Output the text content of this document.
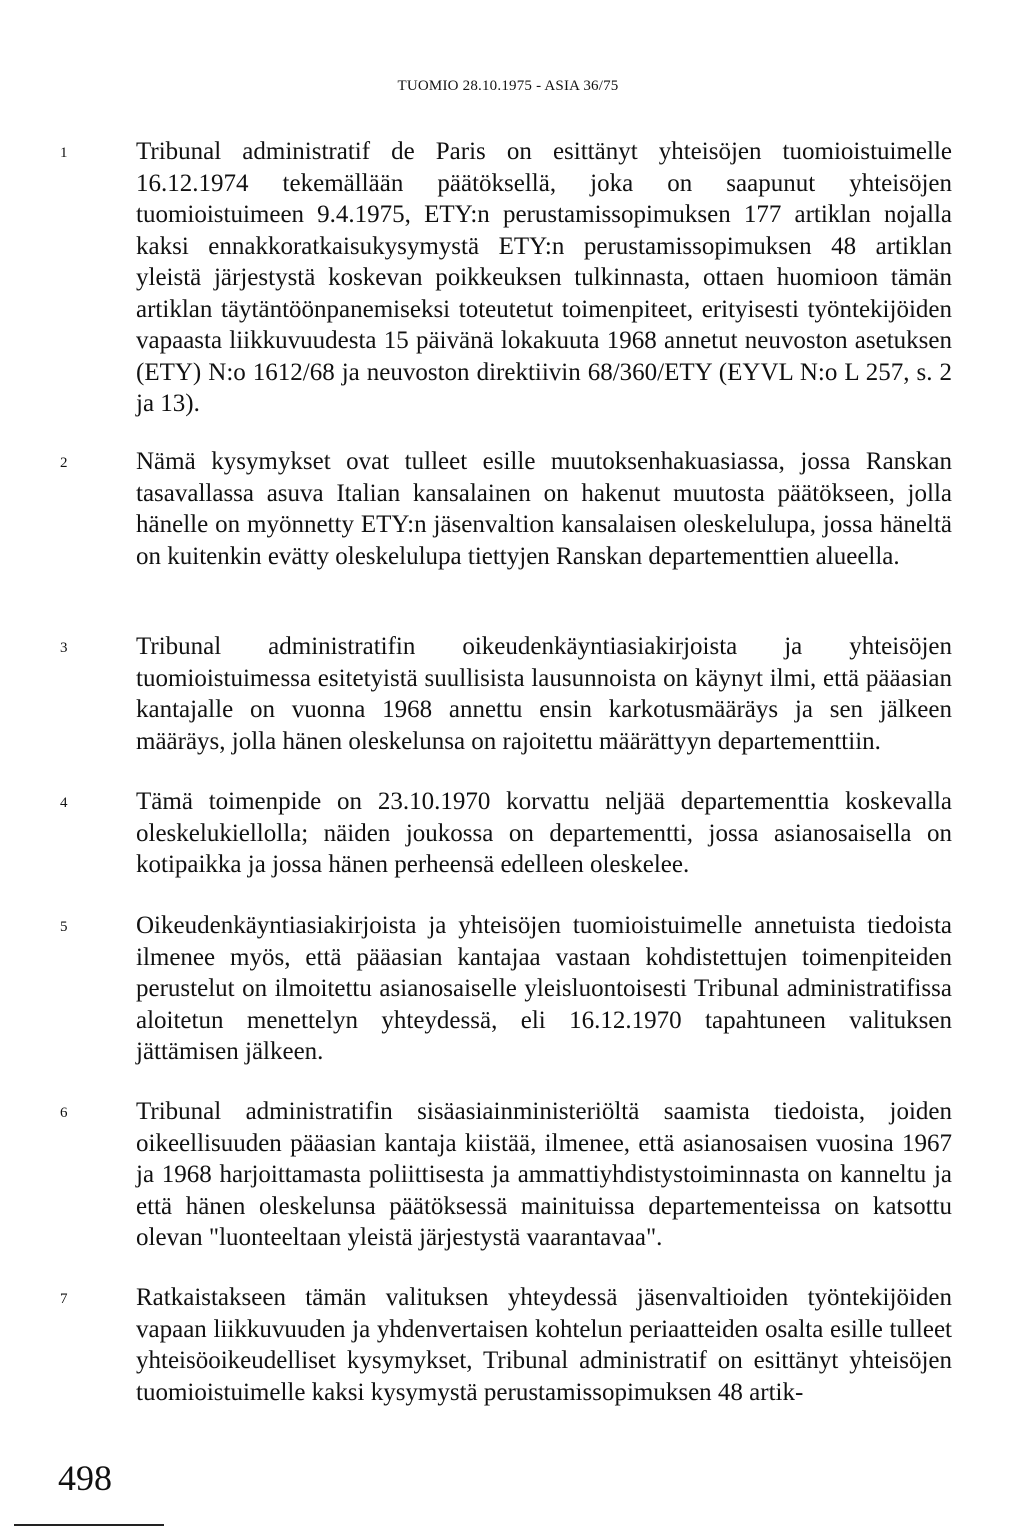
TUOMIO 28.10.1975 - ASIA 36/75
1	Tribunal administratif de Paris on esittänyt yhteisöjen tuomioistuimelle 16.12.1974 tekemällään päätöksellä, joka on saapunut yhteisöjen tuomioistuimeen 9.4.1975, ETY:n perustamissopimuksen 177 artiklan nojalla kaksi ennakkoratkaisukysymystä ETY:n perustamissopimuksen 48 artiklan yleistä järjestystä koskevan poikkeuksen tulkinnasta, ottaen huomioon tämän artiklan täytäntöönpanemiseksi toteutetut toimenpiteet, erityisesti työntekijöiden vapaasta liikkuvuudesta 15 päivänä lokakuuta 1968 annetut neuvoston asetuksen (ETY) N:o 1612/68 ja neuvoston direktiivin 68/360/ETY (EYVL N:o L 257, s. 2 ja 13).
2	Nämä kysymykset ovat tulleet esille muutoksenhakuasiassa, jossa Ranskan tasavallassa asuva Italian kansalainen on hakenut muutosta päätökseen, jolla hänelle on myönnetty ETY:n jäsenvaltion kansalaisen oleskelulupa, jossa häneltä on kuitenkin evätty oleskelulupa tiettyjen Ranskan departementtien alueella.
3	Tribunal administratifin oikeudenkäyntiasiakirjoista ja yhteisöjen tuomioistuimessa esitetyistä suullisista lausunnoista on käynyt ilmi, että pääasian kantajalle on vuonna 1968 annettu ensin karkotusmääräys ja sen jälkeen määräys, jolla hänen oleskelunsa on rajoitettu määrättyyn departementtiin.
4	Tämä toimenpide on 23.10.1970 korvattu neljää departementtia koskevalla oleskelukiellolla; näiden joukossa on departementti, jossa asianosaisella on kotipaikka ja jossa hänen perheensä edelleen oleskelee.
5	Oikeudenkäyntiasiakirjoista ja yhteisöjen tuomioistuimelle annetuista tiedoista ilmenee myös, että pääasian kantajaa vastaan kohdistettujen toimenpiteiden perustelut on ilmoitettu asianosaiselle yleisluontoisesti Tribunal administratifissa aloitetun menettelyn yhteydessä, eli 16.12.1970 tapahtuneen valituksen jättämisen jälkeen.
6	Tribunal administratifin sisäasiainministeriöltä saamista tiedoista, joiden oikeellisuuden pääasian kantaja kiistää, ilmenee, että asianosaisen vuosina 1967 ja 1968 harjoittamasta poliittisesta ja ammattiyhdistystoiminnasta on kanneltu ja että hänen oleskelunsa päätöksessä mainituissa departementeissa on katsottu olevan "luonteeltaan yleistä järjestystä vaarantavaa".
7	Ratkaistakseen tämän valituksen yhteydessä jäsenvaltioiden työntekijöiden vapaan liikkuvuuden ja yhdenvertaisen kohtelun periaatteiden osalta esille tulleet yhteisöoikeudelliset kysymykset, Tribunal administratif on esittänyt yhteisöjen tuomioistuimelle kaksi kysymystä perustamissopimuksen 48 artik-
498
